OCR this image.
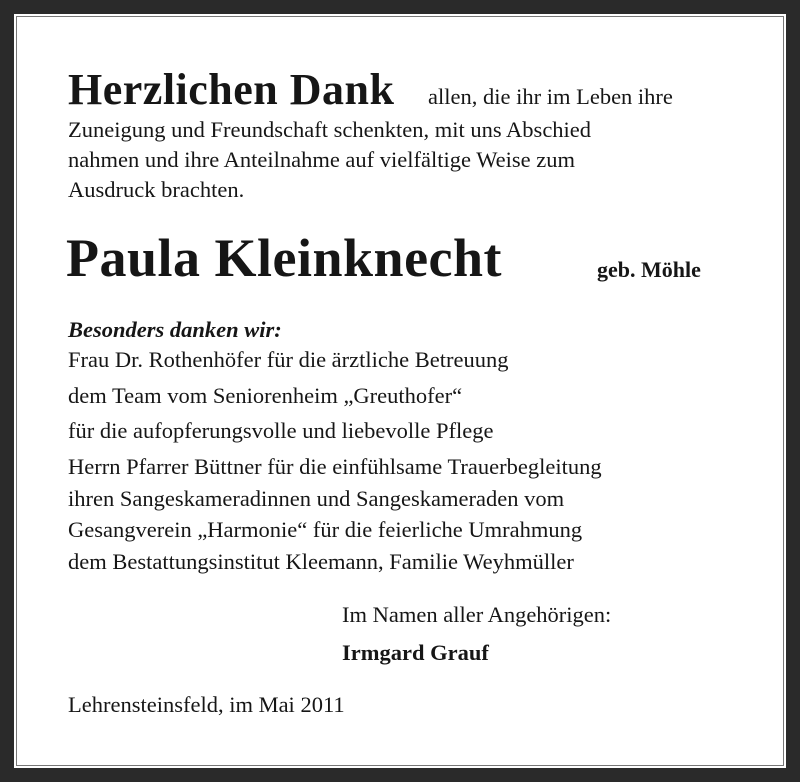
Herzlichen Dank allen, die ihr im Leben ihre
Zuneigung und Freundschaft schenkten, mit uns Abschied
nahmen und ihre Anteilnahme auf vielfältige Weise zum
Ausdruck brachten.
Paula Kleinknecht	geb. Möhle
Besonders danken wir:
Frau Dr. Rothenhöfer für die ärztliche Betreuung
dem Team vom Seniorenheim „Greuthofer“
für die aufopferungsvolle und liebevolle Pflege
Herrn Pfarrer Büttner für die einfühlsame Trauerbegleitung
ihren Sangeskameradinnen und Sangeskameraden vom
Gesangverein „Harmonie“ für die feierliche Umrahmung
dem Bestattungsinstitut Kleemann, Familie Weyhmüller
Im Namen aller Angehörigen:
Irmgard Grauf
Lehrensteinsfeld, im Mai 2011
